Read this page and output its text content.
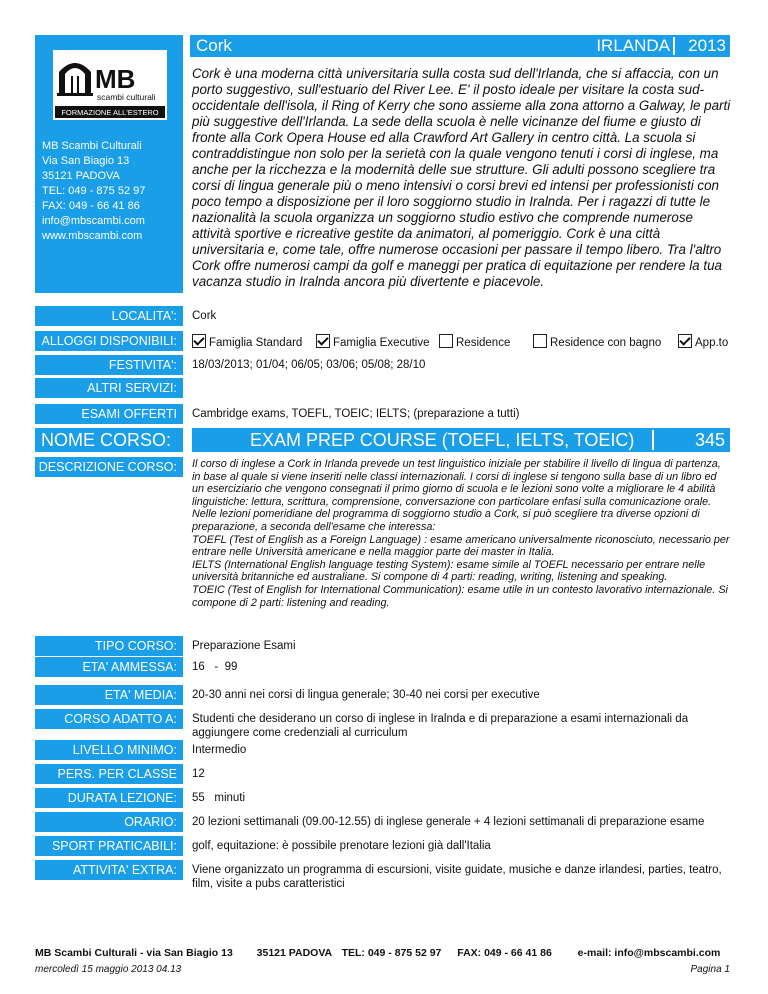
MB
scambi culturali
FORMAZIONE ALL'ESTERO
MB Scambi Culturali
Via San Biagio 13
35121 PADOVA
TEL: 049 - 875 52 97
FAX: 049 - 66 41 86
info@mbscambi.com
www.mbscambi.com
Cork	IRLANDA 2013
Cork è una moderna città universitaria sulla costa sud dell'Irlanda, che si affaccia, con un porto suggestivo, sull'estuario del River Lee. E' il posto ideale per visitare la costa sud-occidentale dell'isola, il Ring of Kerry che sono assieme alla zona attorno a Galway, le parti più suggestive dell'Irlanda. La sede della scuola è nelle vicinanze del fiume e giusto di fronte alla Cork Opera House ed alla Crawford Art Gallery in centro città. La scuola si contraddistingue non solo per la serietà con la quale vengono tenuti i corsi di inglese, ma anche per la ricchezza e la modernità delle sue strutture. Gli adulti possono scegliere tra corsi di lingua generale più o meno intensivi o corsi brevi ed intensi per professionisti con poco tempo a disposizione per il loro soggiorno studio in Iralnda. Per i ragazzi di tutte le nazionalità la scuola organizza un soggiorno studio estivo che comprende numerose attività sportive e ricreative gestite da animatori, al pomeriggio. Cork è una città universitaria e, come tale, offre numerose occasioni per passare il tempo libero. Tra l'altro Cork offre numerosi campi da golf e maneggi per pratica di equitazione per rendere la tua vacanza studio in Iralnda ancora più divertente e piacevole.
LOCALITA':	Cork
ALLOGGI DISPONIBILI:	Famiglia Standard	Famiglia Executive	Residence	Residence con bagno	App.to
FESTIVITA':	18/03/2013; 01/04; 06/05; 03/06; 05/08; 28/10
ALTRI SERVIZI:
ESAMI OFFERTI	Cambridge exams, TOEFL, TOEIC; IELTS; (preparazione a tutti)
NOME CORSO:	EXAM PREP COURSE (TOEFL, IELTS, TOEIC)	345
DESCRIZIONE CORSO:	Il corso di inglese a Cork in Irlanda prevede un test linguistico iniziale per stabilire il livello di lingua di partenza, in base al quale si viene inseriti nelle classi internazionali. I corsi di inglese si tengono sulla base di un libro ed un eserciziario che vengono consegnati il primo giorno di scuola e le lezioni sono volte a migliorare le 4 abilità linguistiche: lettura, scrittura, comprensione, conversazione con particolare enfasi sulla comunicazione orale.

Nelle lezioni pomeridiane del programma di soggiorno studio a Cork, si può scegliere tra diverse opzioni di preparazione, a seconda dell'esame che interessa:

TOEFL (Test of English as a Foreign Language) : esame americano universalmente riconosciuto, necessario per entrare nelle Università americane e nella maggior parte dei master in Italia.

IELTS (International English language testing System): esame simile al TOEFL necessario per entrare nelle università britanniche ed australiane. Si compone di 4 parti: reading, writing, listening and speaking.

TOEIC (Test of English for International Communication): esame utile in un contesto lavorativo internazionale. Si compone di 2 parti: listening and reading.

TIPO CORSO:	Preparazione Esami
ETA' AMMESSA:	16   -  99
ETA' MEDIA:	20-30 anni nei corsi di lingua generale; 30-40 nei corsi per executive
CORSO ADATTO A:	Studenti che desiderano un corso di inglese in Iralnda e di preparazione a esami internazionali da aggiungere come credenziali al curriculum
LIVELLO MINIMO:	Intermedio
PERS. PER CLASSE	12
DURATA LEZIONE:	55   minuti
ORARIO:	20 lezioni settimanali (09.00-12.55) di inglese generale + 4 lezioni settimanali di preparazione esame
SPORT PRATICABILI:	golf, equitazione: è possibile prenotare lezioni già dall'Italia
ATTIVITA' EXTRA:	Viene organizzato un programma di escursioni, visite guidate, musiche e danze irlandesi, parties, teatro, film, visite a pubs caratteristici
MB Scambi Culturali - via San Biagio 13 35121 PADOVA TEL: 049 - 875 52 97 FAX: 049 - 66 41 86 e-mail: info@mbscambi.com
mercoledì 15 maggio 2013 04.13	Pagina 1
